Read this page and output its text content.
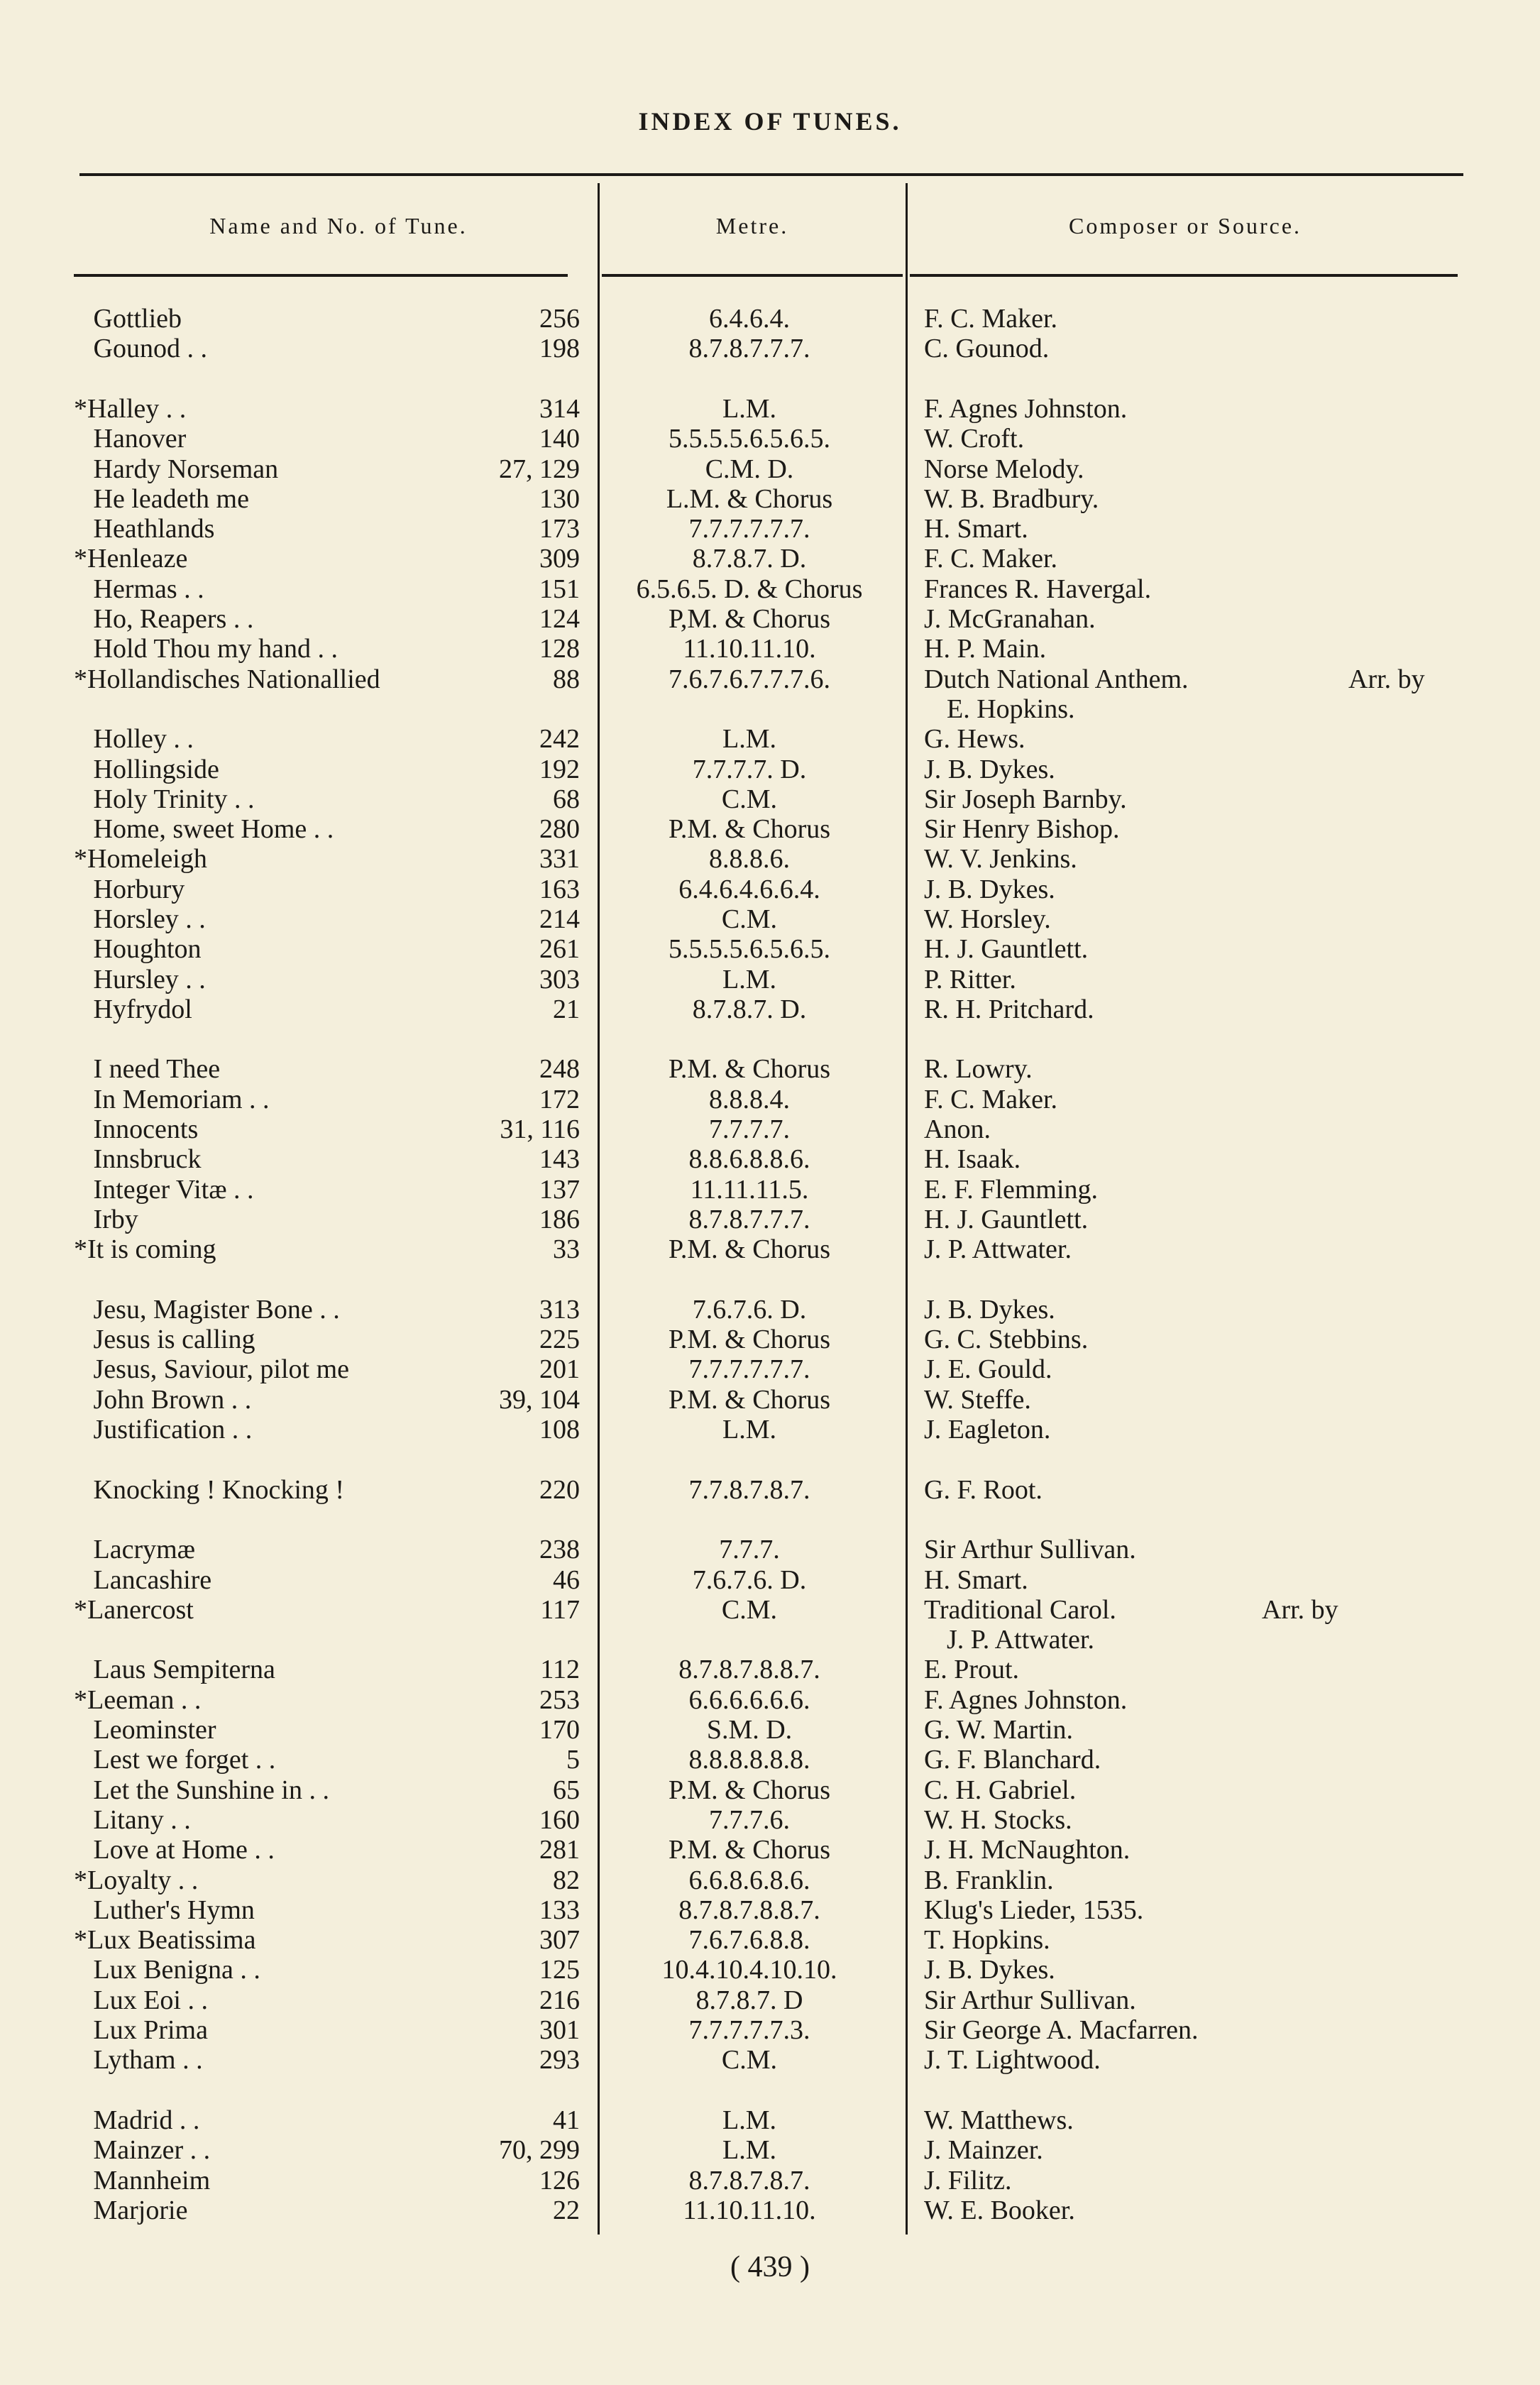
INDEX OF TUNES.
Name and No. of Tune.	Metre.	Composer or Source.
Gottlieb	256	6.4.6.4.	F. C. Maker.
Gounod . .	198	8.7.8.7.7.7.	C. Gounod.
*Halley . .	314	L.M.	F. Agnes Johnston.
Hanover	140	5.5.5.5.6.5.6.5.	W. Croft.
Hardy Norseman	27, 129	C.M. D.	Norse Melody.
He leadeth me	130	L.M. & Chorus	W. B. Bradbury.
Heathlands	173	7.7.7.7.7.7.	H. Smart.
*Henleaze	309	8.7.8.7. D.	F. C. Maker.
Hermas . .	151	6.5.6.5. D. & Chorus	Frances R. Havergal.
Ho, Reapers . .	124	P,M. & Chorus	J. McGranahan.
Hold Thou my hand . .	128	11.10.11.10.	H. P. Main.
*Hollandisches Nationallied	88	7.6.7.6.7.7.7.6.	Dutch National Anthem.	Arr. by
E. Hopkins.
Holley . .	242	L.M.	G. Hews.
Hollingside	192	7.7.7.7. D.	J. B. Dykes.
Holy Trinity . .	68	C.M.	Sir Joseph Barnby.
Home, sweet Home . .	280	P.M. & Chorus	Sir Henry Bishop.
*Homeleigh	331	8.8.8.6.	W. V. Jenkins.
Horbury	163	6.4.6.4.6.6.4.	J. B. Dykes.
Horsley . .	214	C.M.	W. Horsley.
Houghton	261	5.5.5.5.6.5.6.5.	H. J. Gauntlett.
Hursley . .	303	L.M.	P. Ritter.
Hyfrydol	21	8.7.8.7. D.	R. H. Pritchard.
I need Thee	248	P.M. & Chorus	R. Lowry.
In Memoriam . .	172	8.8.8.4.	F. C. Maker.
Innocents	31, 116	7.7.7.7.	Anon.
Innsbruck	143	8.8.6.8.8.6.	H. Isaak.
Integer Vitæ . .	137	11.11.11.5.	E. F. Flemming.
Irby	186	8.7.8.7.7.7.	H. J. Gauntlett.
*It is coming	33	P.M. & Chorus	J. P. Attwater.
Jesu, Magister Bone . .	313	7.6.7.6. D.	J. B. Dykes.
Jesus is calling	225	P.M. & Chorus	G. C. Stebbins.
Jesus, Saviour, pilot me	201	7.7.7.7.7.7.	J. E. Gould.
John Brown . .	39, 104	P.M. & Chorus	W. Steffe.
Justification . .	108	L.M.	J. Eagleton.
Knocking ! Knocking !	220	7.7.8.7.8.7.	G. F. Root.
Lacrymæ	238	7.7.7.	Sir Arthur Sullivan.
Lancashire	46	7.6.7.6. D.	H. Smart.
*Lanercost	117	C.M.	Traditional Carol.	Arr. by
J. P. Attwater.
Laus Sempiterna	112	8.7.8.7.8.8.7.	E. Prout.
*Leeman . .	253	6.6.6.6.6.6.	F. Agnes Johnston.
Leominster	170	S.M. D.	G. W. Martin.
Lest we forget . .	5	8.8.8.8.8.8.	G. F. Blanchard.
Let the Sunshine in . .	65	P.M. & Chorus	C. H. Gabriel.
Litany . .	160	7.7.7.6.	W. H. Stocks.
Love at Home . .	281	P.M. & Chorus	J. H. McNaughton.
*Loyalty . .	82	6.6.8.6.8.6.	B. Franklin.
Luther's Hymn	133	8.7.8.7.8.8.7.	Klug's Lieder, 1535.
*Lux Beatissima	307	7.6.7.6.8.8.	T. Hopkins.
Lux Benigna . .	125	10.4.10.4.10.10.	J. B. Dykes.
Lux Eoi . .	216	8.7.8.7. D	Sir Arthur Sullivan.
Lux Prima	301	7.7.7.7.7.3.	Sir George A. Macfarren.
Lytham . .	293	C.M.	J. T. Lightwood.
Madrid . .	41	L.M.	W. Matthews.
Mainzer . .	70, 299	L.M.	J. Mainzer.
Mannheim	126	8.7.8.7.8.7.	J. Filitz.
Marjorie	22	11.10.11.10.	W. E. Booker.
( 439 )
